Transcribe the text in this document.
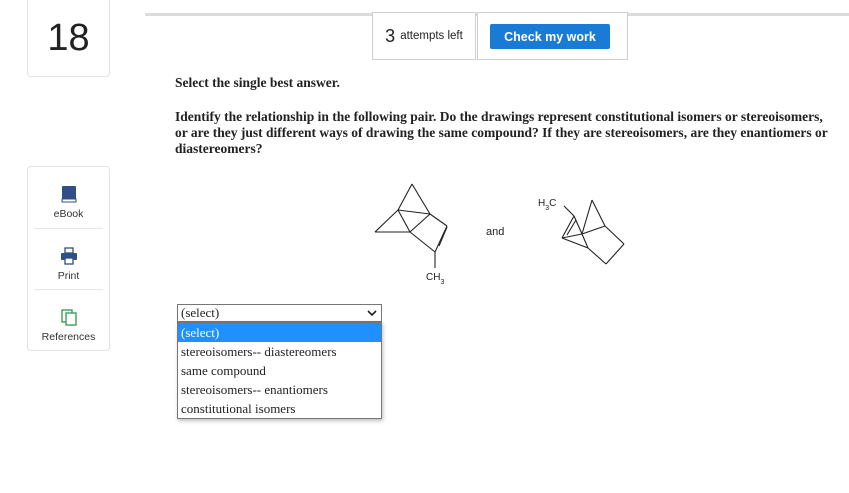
18
eBook
Print
References
3 attempts left	Check my work
Select the single best answer.
Identify the relationship in the following pair. Do the drawings represent constitutional isomers or stereoisomers, or are they just different ways of drawing the same compound? If they are stereoisomers, are they enantiomers or diastereomers?
$CH_3$
$H_3C$
and
(select)
(select)
stereoisomers-- diastereomers
same compound
stereoisomers-- enantiomers
constitutional isomers
